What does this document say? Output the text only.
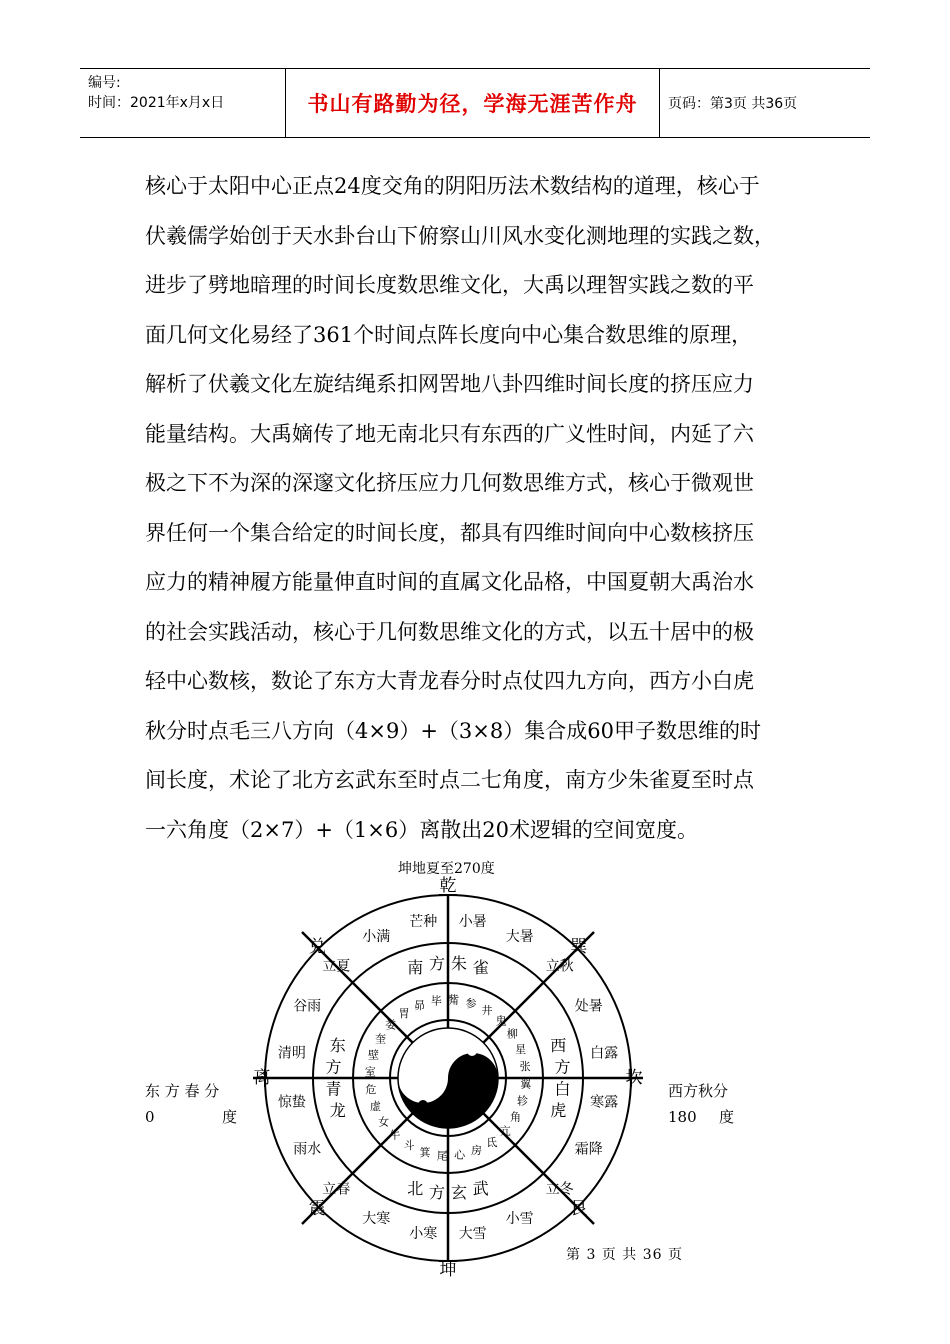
编号:
时间：2021年x月x日	书山有路勤为径，学海无涯苦作舟	页码：第3页 共36页

核心于太阳中心正点24度交角的阴阳历法术数结构的道理，核心于

伏羲儒学始创于天水卦台山下俯察山川风水变化测地理的实践之数，

进步了劈地暗理的时间长度数思维文化，大禹以理智实践之数的平

面几何文化易经了361个时间点阵长度向中心集合数思维的原理，

解析了伏羲文化左旋结绳系扣网罟地八卦四维时间长度的挤压应力

能量结构。大禹嫡传了地无南北只有东西的广义性时间，内延了六

极之下不为深的深邃文化挤压应力几何数思维方式，核心于微观世

界任何一个集合给定的时间长度，都具有四维时间向中心数核挤压

应力的精神履方能量伸直时间的直属文化品格，中国夏朝大禹治水

的社会实践活动，核心于几何数思维文化的方式，以五十居中的极

轻中心数核，数论了东方大青龙春分时点仗四九方向，西方小白虎

秋分时点毛三八方向（4×9）+（3×8）集合成60甲子数思维的时

间长度，术论了北方玄武东至时点二七角度，南方少朱雀夏至时点

一六角度（2×7）+（1×6）离散出20术逻辑的空间宽度。

坤地夏至270度
东 方 春 分
0	度
西方秋分
180 度
乾
坤
离	坎
兑	巽
震	艮
芒种 小暑
大暑
立秋
处暑
白露
寒露
霜降
立冬
小雪
大雪
小寒
大寒
立春
雨水
惊蛰
清明
谷雨
立夏
小满
南 方 朱 雀
西
方
白
虎
北 方 玄 武
东
方
青
龙
井
鬼
柳
星
张
翼
轸
角
亢
氐
房
心
尾
箕
斗
牛
女
虚
危
室
壁
奎
娄
胃
昴 毕 觜 参
第 3 页 共 36 页
